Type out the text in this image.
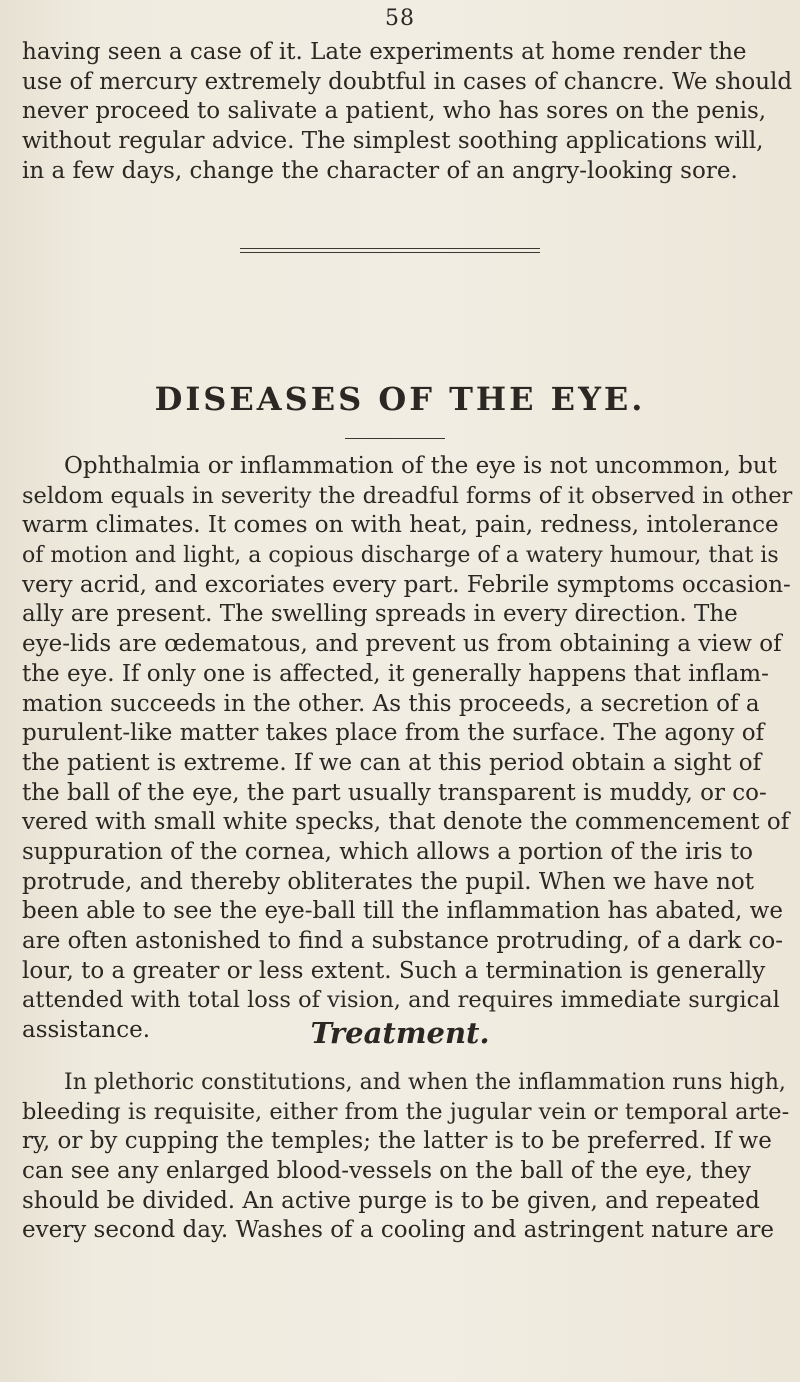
58

having seen a case of it. Late experiments at home render the
use of mercury extremely doubtful in cases of chancre. We should
never proceed to salivate a patient, who has sores on the penis,
without regular advice. The simplest soothing applications will,
in a few days, change the character of an angry-looking sore.

DISEASES OF THE EYE.

Ophthalmia or inflammation of the eye is not uncommon, but
seldom equals in severity the dreadful forms of it observed in other
warm climates. It comes on with heat, pain, redness, intolerance
of motion and light, a copious discharge of a watery humour, that is
very acrid, and excoriates every part. Febrile symptoms occasion-
ally are present. The swelling spreads in every direction. The
eye-lids are œdematous, and prevent us from obtaining a view of
the eye. If only one is affected, it generally happens that inflam-
mation succeeds in the other. As this proceeds, a secretion of a
purulent-like matter takes place from the surface. The agony of
the patient is extreme. If we can at this period obtain a sight of
the ball of the eye, the part usually transparent is muddy, or co-
vered with small white specks, that denote the commencement of
suppuration of the cornea, which allows a portion of the iris to
protrude, and thereby obliterates the pupil. When we have not
been able to see the eye-ball till the inflammation has abated, we
are often astonished to find a substance protruding, of a dark co-
lour, to a greater or less extent. Such a termination is generally
attended with total loss of vision, and requires immediate surgical
assistance.	Treatment.

In plethoric constitutions, and when the inflammation runs high,
bleeding is requisite, either from the jugular vein or temporal arte-
ry, or by cupping the temples; the latter is to be preferred. If we
can see any enlarged blood-vessels on the ball of the eye, they
should be divided. An active purge is to be given, and repeated
every second day. Washes of a cooling and astringent nature are
